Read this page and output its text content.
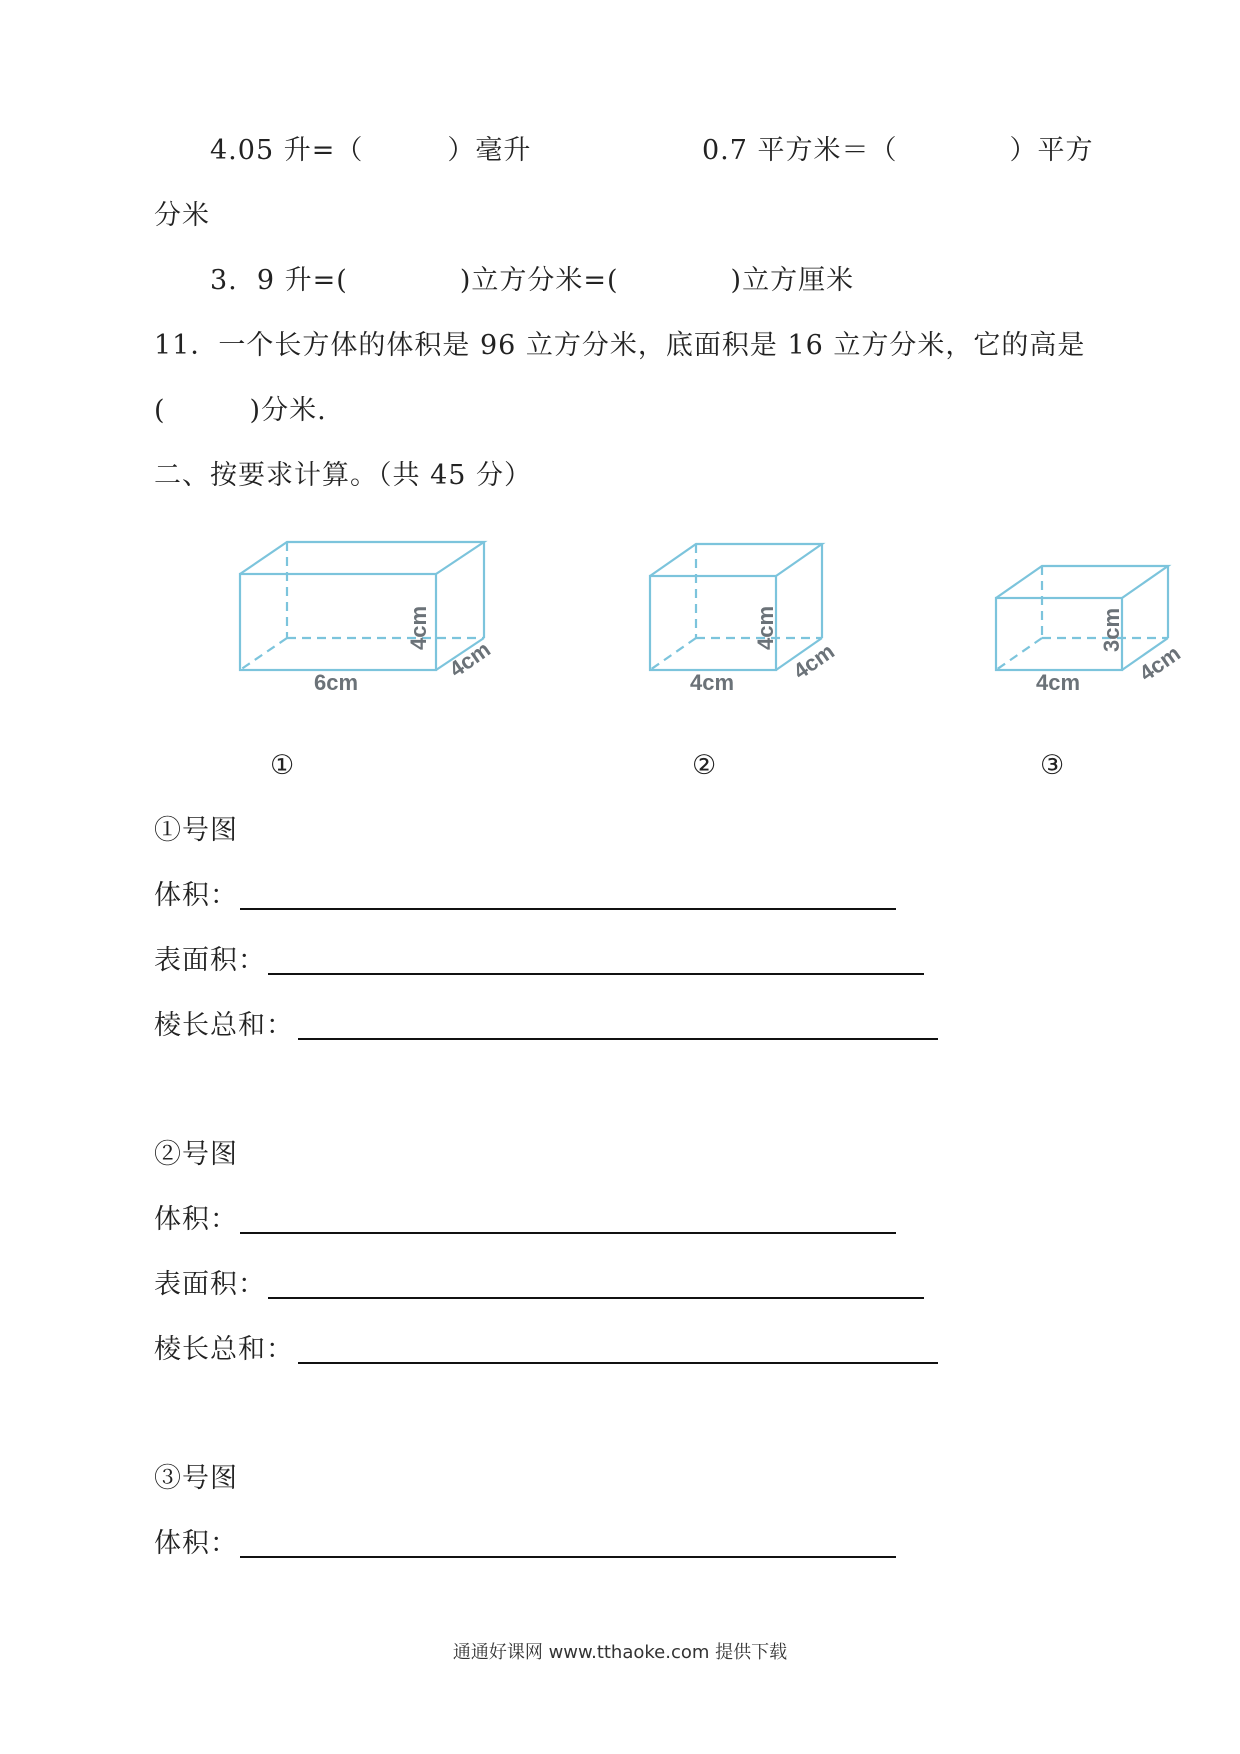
4.05 升=（　　　）毫升	0.7 平方米＝（　　　　）平方
分米
3.  9 升=(　　　　)立方分米=(　　　　)立方厘米
11．一个长方体的体积是 96 立方分米，底面积是 16 立方分米，它的高是
(　　　)分米.
二、按要求计算。（共 45 分）
6cm
4cm
4cm
4cm
4cm
4cm	4cm
3cm
4cm
①	②	③
①号图
体积：
表面积：
棱长总和：
②号图
体积：
表面积：
棱长总和：
③号图
体积：
通通好课网 www.tthaoke.com 提供下载
